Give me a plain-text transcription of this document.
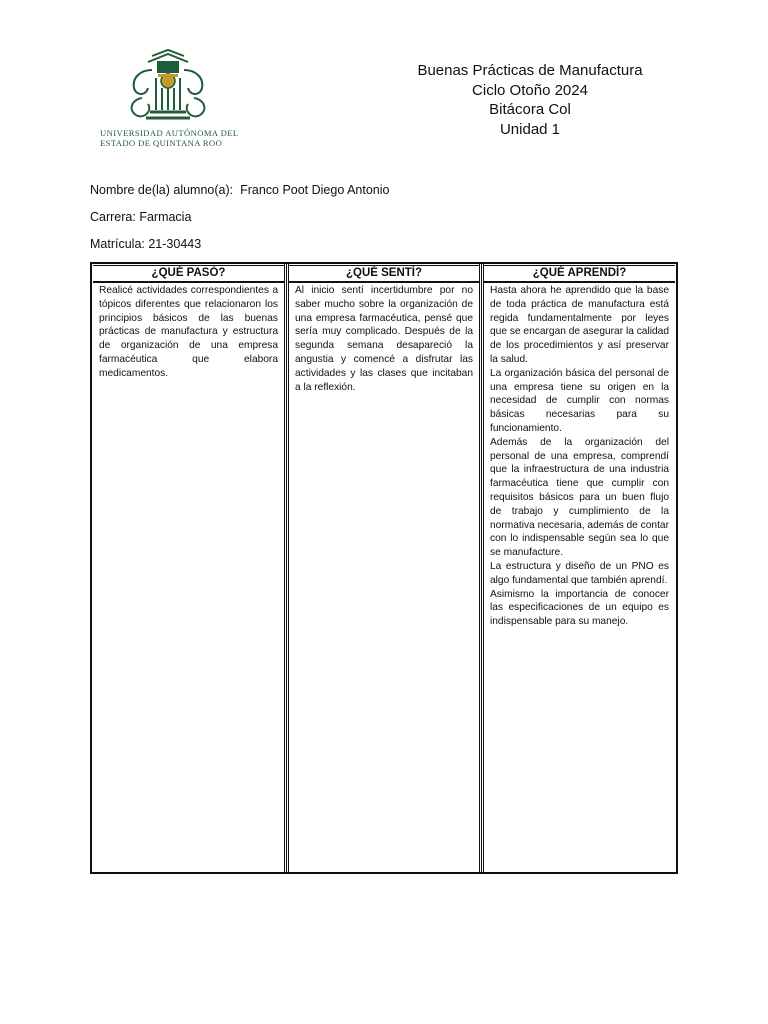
UNIVERSIDAD AUTÓNOMA DEL
ESTADO DE QUINTANA ROO
Buenas Prácticas de Manufactura
Ciclo Otoño 2024
Bitácora Col
Unidad 1
Nombre de(la) alumno(a): Franco Poot Diego Antonio
Carrera: Farmacia
Matrícula: 21-30443
¿QUÉ PASÓ?

Realicé actividades correspondientes a tópicos diferentes que relacionaron los principios básicos de las buenas prácticas de manufactura y estructura de organización de una empresa farmacéutica que elabora medicamentos.

¿QUÉ SENTÍ?

Al inicio sentí incertidumbre por no saber mucho sobre la organización de una empresa farmacéutica, pensé que sería muy complicado. Después de la segunda semana desapareció la angustia y comencé a disfrutar las actividades y las clases que incitaban a la reflexión.

¿QUÉ APRENDÍ?

Hasta ahora he aprendido que la base de toda práctica de manufactura está regida fundamentalmente por leyes que se encargan de asegurar la calidad de los procedimientos y así preservar la salud.

La organización básica del personal de una empresa tiene su origen en la necesidad de cumplir con normas básicas necesarias para su funcionamiento.

Además de la organización del personal de una empresa, comprendí que la infraestructura de una industria farmacéutica tiene que cumplir con requisitos básicos para un buen flujo de trabajo y cumplimiento de la normativa necesaria, además de contar con lo indispensable según sea lo que se manufacture.

La estructura y diseño de un PNO es algo fundamental que también aprendí.

Asimismo la importancia de conocer las especificaciones de un equipo es indispensable para su manejo.
